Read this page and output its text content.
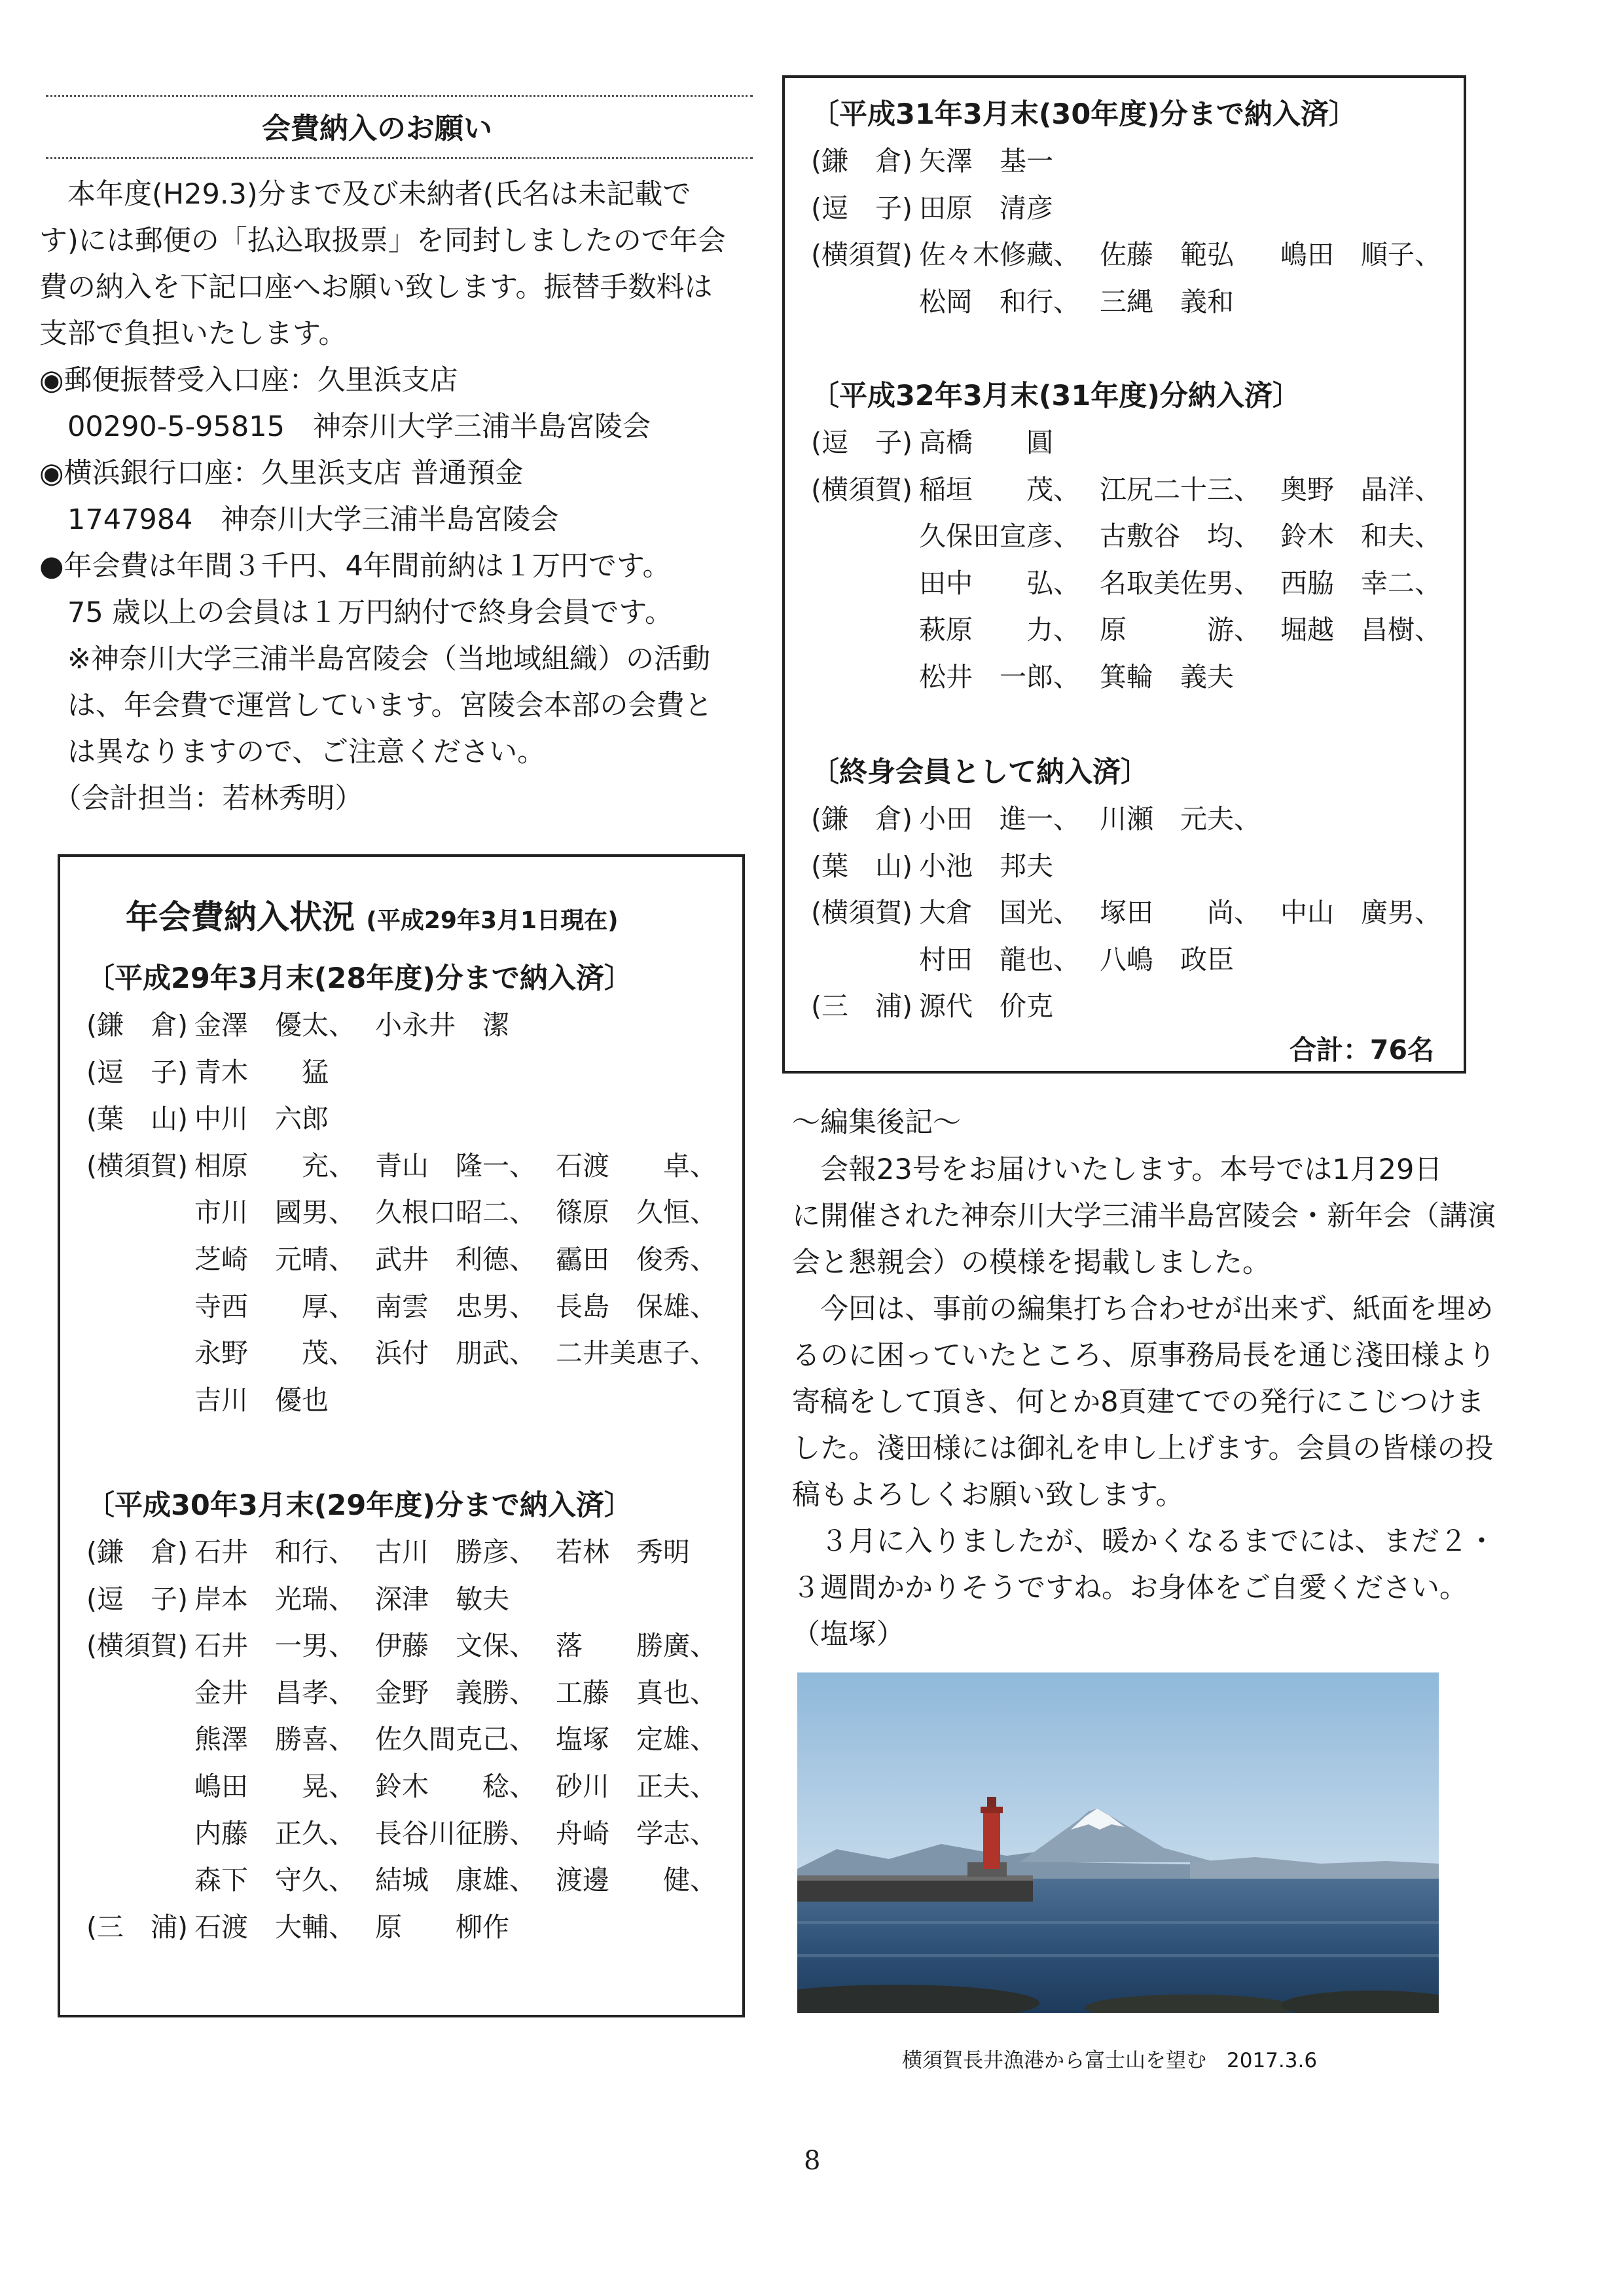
会費納入のお願い
　本年度(H29.3)分まで及び未納者(氏名は未記載で
す)には郵便の「払込取扱票」を同封しましたので年会
費の納入を下記口座へお願い致します。振替手数料は
支部で負担いたします。
◉郵便振替受入口座：久里浜支店
　00290-5-95815　神奈川大学三浦半島宮陵会
◉横浜銀行口座：久里浜支店 普通預金
　1747984　神奈川大学三浦半島宮陵会
●年会費は年間３千円、4年間前納は１万円です。
　75 歳以上の会員は１万円納付で終身会員です。
　※神奈川大学三浦半島宮陵会（当地域組織）の活動
　は、年会費で運営しています。宮陵会本部の会費と
　は異なりますので、ご注意ください。
　（会計担当：若林秀明）
年会費納入状況 (平成29年3月1日現在)
〔平成29年3月末(28年度)分まで納入済〕
(鎌　倉) 金澤　優太、 小永井　潔
(逗　子) 青木　　猛
(葉　山) 中川　六郎
(横須賀) 相原　　充、 青山　隆一、 石渡　　卓、
市川　國男、 久根口昭二、 篠原　久恒、
芝崎　元晴、 武井　利德、 靏田　俊秀、
寺西　　厚、 南雲　忠男、 長島　保雄、
永野　　茂、 浜付　朋武、 二井美恵子、
吉川　優也
〔平成30年3月末(29年度)分まで納入済〕
(鎌　倉) 石井　和行、 古川　勝彦、 若林　秀明
(逗　子) 岸本　光瑞、 深津　敏夫
(横須賀) 石井　一男、 伊藤　文保、 落　　勝廣、
金井　昌孝、 金野　義勝、 工藤　真也、
熊澤　勝喜、 佐久間克己、 塩塚　定雄、
嶋田　　晃、 鈴木　　稔、 砂川　正夫、
内藤　正久、 長谷川征勝、 舟崎　学志、
森下　守久、 結城　康雄、 渡邊　　健、
(三　浦) 石渡　大輔、 原　　柳作
〔平成31年3月末(30年度)分まで納入済〕
(鎌　倉) 矢澤　基一
(逗　子) 田原　清彦
(横須賀) 佐々木修藏、 佐藤　範弘	嶋田　順子、
松岡　和行、 三縄　義和
〔平成32年3月末(31年度)分納入済〕
(逗　子) 高橋　　圓
(横須賀) 稲垣　　茂、 江尻二十三、 奥野　晶洋、
久保田宣彦、 古敷谷　均、 鈴木　和夫、
田中　　弘、 名取美佐男、 西脇　幸二、
萩原　　力、 原　　　游、 堀越　昌樹、
松井　一郎、 箕輪　義夫
〔終身会員として納入済〕
(鎌　倉) 小田　進一、 川瀬　元夫、
(葉　山) 小池　邦夫
(横須賀) 大倉　国光、 塚田　　尚、 中山　廣男、
村田　龍也、 八嶋　政臣
(三　浦) 源代　价克
合計：76名
～編集後記～
　会報23号をお届けいたします。本号では1月29日
に開催された神奈川大学三浦半島宮陵会・新年会（講演
会と懇親会）の模様を掲載しました。
　今回は、事前の編集打ち合わせが出来ず、紙面を埋め
るのに困っていたところ、原事務局長を通じ淺田様より
寄稿をして頂き、何とか8頁建てでの発行にこじつけま
した。淺田様には御礼を申し上げます。会員の皆様の投
稿もよろしくお願い致します。
　３月に入りましたが、暖かくなるまでには、まだ２・
３週間かかりそうですね。お身体をご自愛ください。
（塩塚）
横須賀長井漁港から富士山を望む　2017.3.6
8
